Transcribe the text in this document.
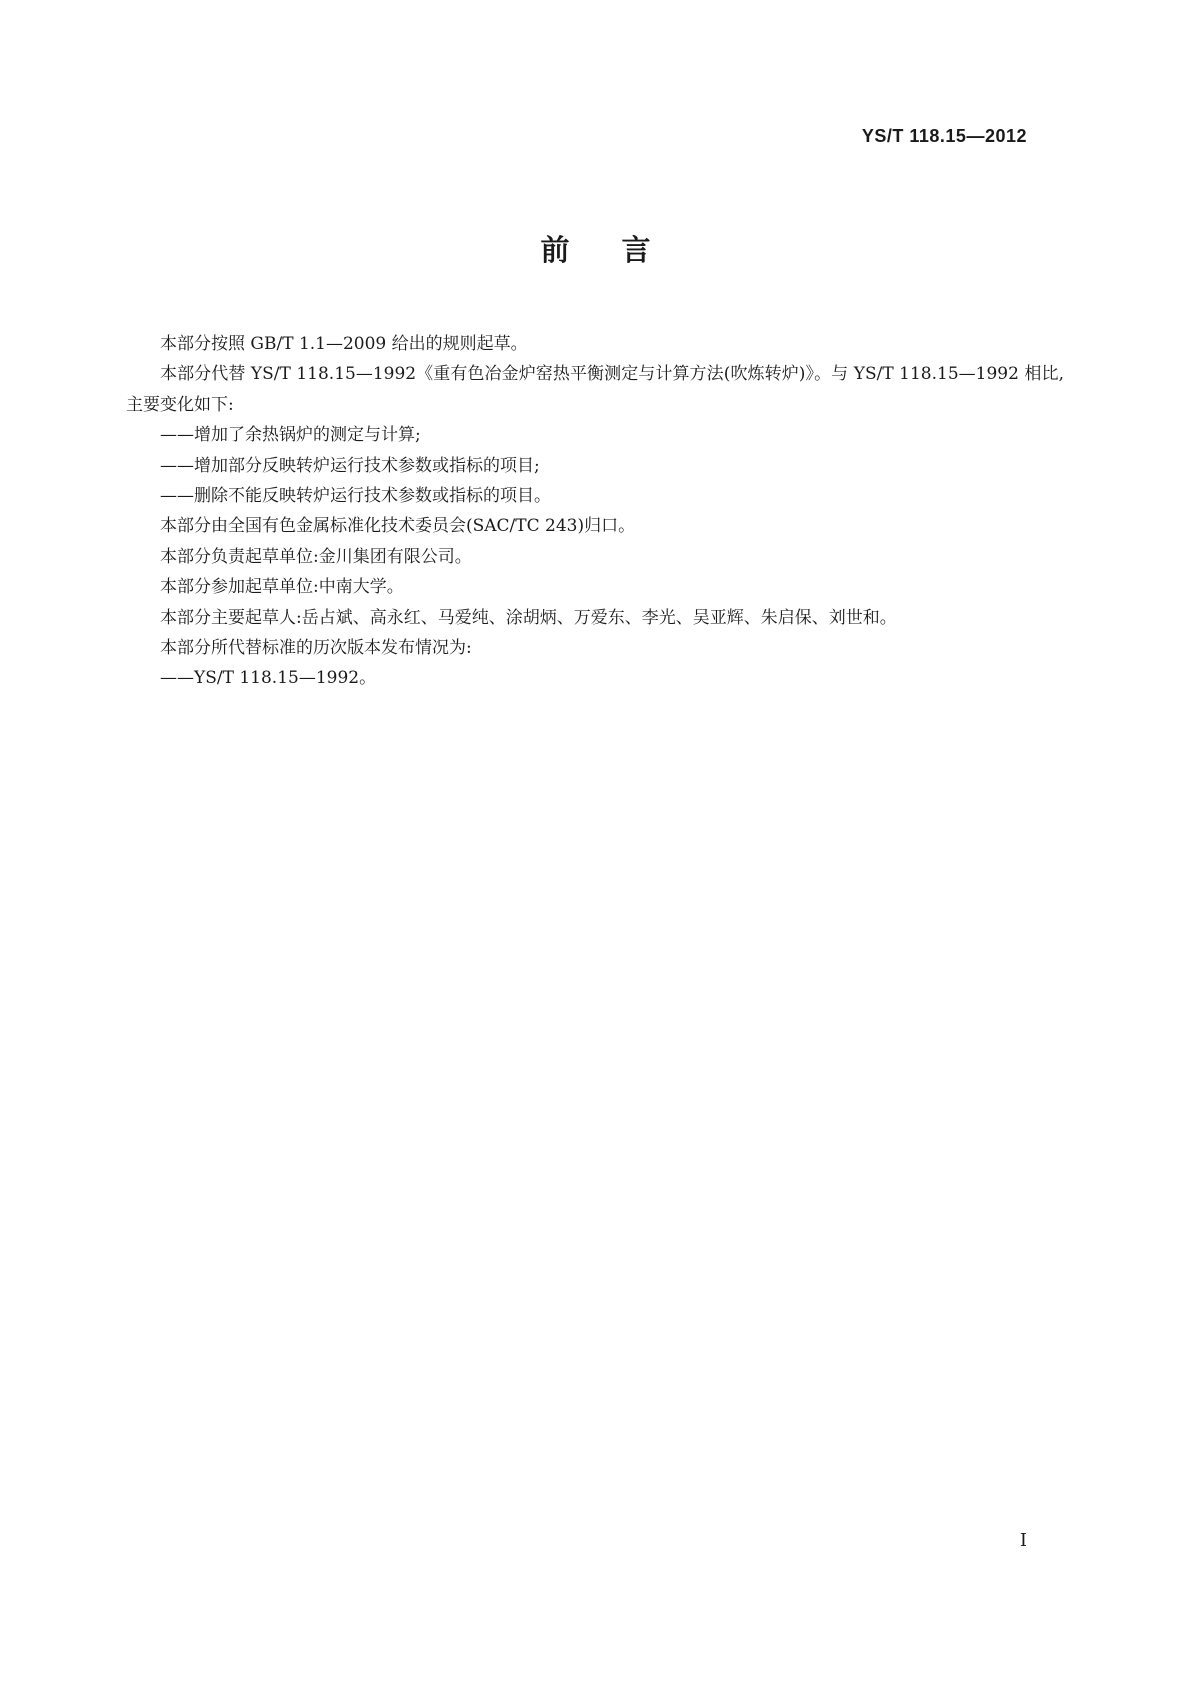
YS/T 118.15—2012
前言

本部分按照 GB/T 1.1—2009 给出的规则起草。

本部分代替 YS/T 118.15—1992《重有色冶金炉窑热平衡测定与计算方法(吹炼转炉)》。与 YS/T 118.15—1992 相比,主要变化如下:

——增加了余热锅炉的测定与计算;

——增加部分反映转炉运行技术参数或指标的项目;

——删除不能反映转炉运行技术参数或指标的项目。

本部分由全国有色金属标准化技术委员会(SAC/TC 243)归口。

本部分负责起草单位:金川集团有限公司。

本部分参加起草单位:中南大学。

本部分主要起草人:岳占斌、高永红、马爱纯、涂胡炳、万爱东、李光、吴亚辉、朱启保、刘世和。

本部分所代替标准的历次版本发布情况为:

——YS/T 118.15—1992。

I
